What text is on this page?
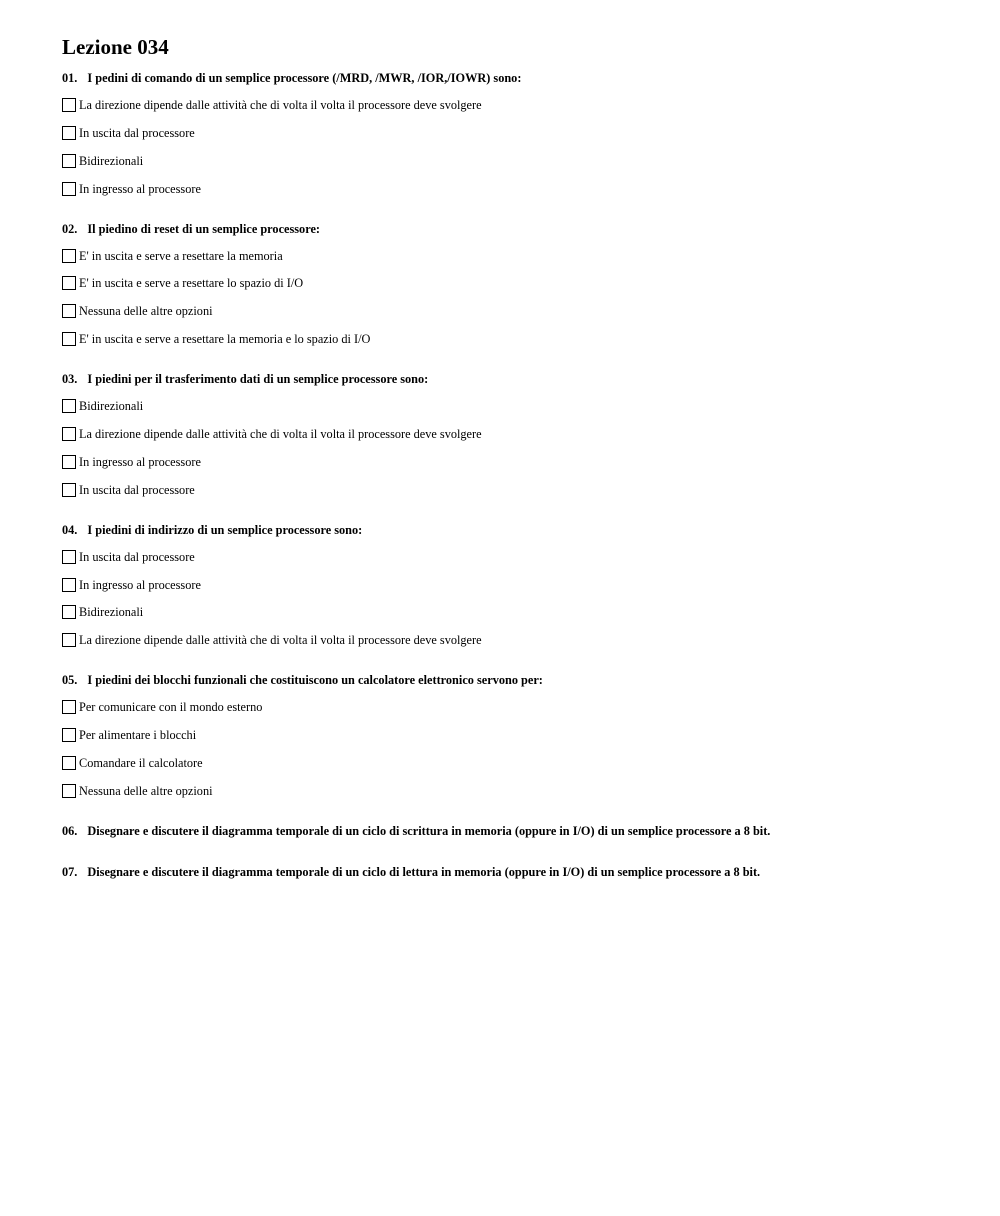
Lezione 034
01. I pedini di comando di un semplice processore (/MRD, /MWR, /IOR,/IOWR) sono:
La direzione dipende dalle attività che di volta il volta il processore deve svolgere
In uscita dal processore
Bidirezionali
In ingresso al processore
02. Il piedino di reset di un semplice processore:
E' in uscita e serve a resettare la memoria
E' in uscita e serve a resettare lo spazio di I/O
Nessuna delle altre opzioni
E' in uscita e serve a resettare la memoria e lo spazio di I/O
03. I piedini per il trasferimento dati di un semplice processore sono:
Bidirezionali
La direzione dipende dalle attività che di volta il volta il processore deve svolgere
In ingresso al processore
In uscita dal processore
04. I piedini di indirizzo di un semplice processore sono:
In uscita dal processore
In ingresso al processore
Bidirezionali
La direzione dipende dalle attività che di volta il volta il processore deve svolgere
05. I piedini dei blocchi funzionali che costituiscono un calcolatore elettronico servono per:
Per comunicare con il mondo esterno
Per alimentare i blocchi
Comandare il calcolatore
Nessuna delle altre opzioni
06. Disegnare e discutere il diagramma temporale di un ciclo di scrittura in memoria (oppure in I/O) di un semplice processore a 8 bit.
07. Disegnare e discutere il diagramma temporale di un ciclo di lettura in memoria (oppure in I/O) di un semplice processore a 8 bit.
